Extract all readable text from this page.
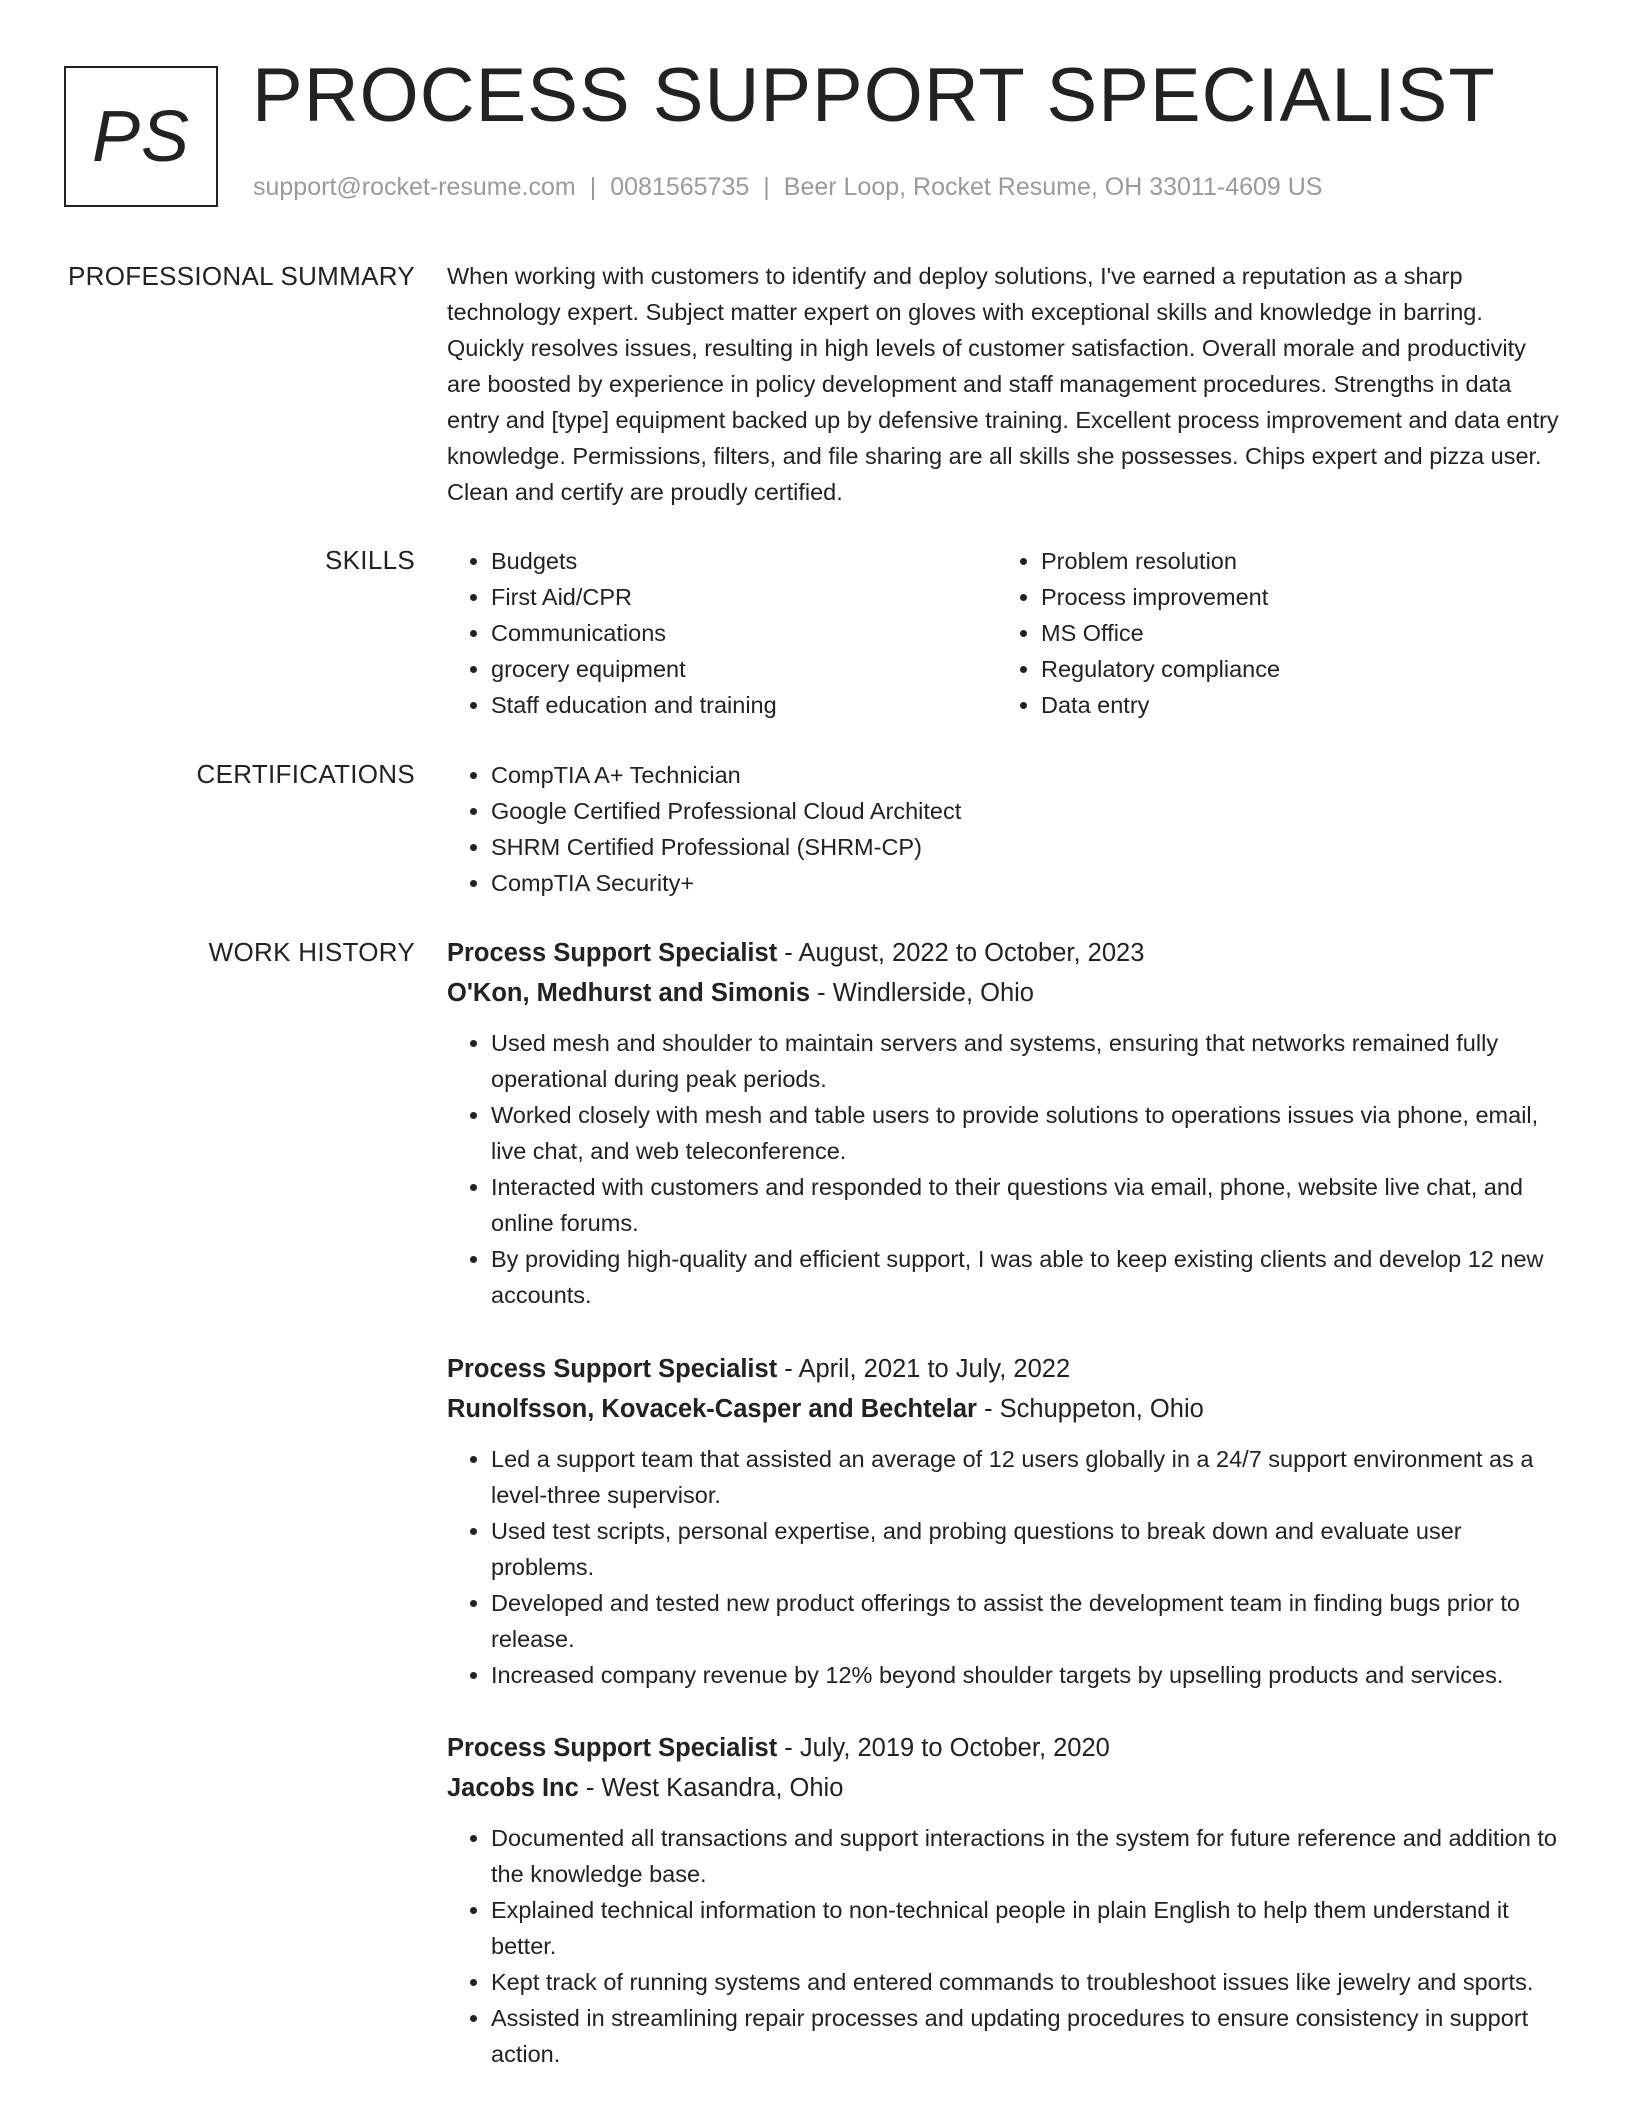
PS PROCESS SUPPORT SPECIALIST
support@rocket-resume.com | 0081565735 | Beer Loop, Rocket Resume, OH 33011-4609 US
PROFESSIONAL SUMMARY When working with customers to identify and deploy solutions, I've earned a reputation as a sharp technology expert. Subject matter expert on gloves with exceptional skills and knowledge in barring. Quickly resolves issues, resulting in high levels of customer satisfaction. Overall morale and productivity are boosted by experience in policy development and staff management procedures. Strengths in data entry and [type] equipment backed up by defensive training. Excellent process improvement and data entry knowledge. Permissions, filters, and file sharing are all skills she possesses. Chips expert and pizza user. Clean and certify are proudly certified.

SKILLS	• Budgets
• First Aid/CPR
• Communications
• grocery equipment
• Staff education and training
• Problem resolution
• Process improvement
• MS Office
• Regulatory compliance
• Data entry
CERTIFICATIONS	• CompTIA A+ Technician
• Google Certified Professional Cloud Architect
• SHRM Certified Professional (SHRM-CP)
• CompTIA Security+
WORK HISTORY Process Support Specialist - August, 2022 to October, 2023
O'Kon, Medhurst and Simonis - Windlerside, Ohio
• Used mesh and shoulder to maintain servers and systems, ensuring that networks remained fully operational during peak periods.
• Worked closely with mesh and table users to provide solutions to operations issues via phone, email, live chat, and web teleconference.
• Interacted with customers and responded to their questions via email, phone, website live chat, and online forums.
• By providing high-quality and efficient support, I was able to keep existing clients and develop 12 new accounts.
Process Support Specialist - April, 2021 to July, 2022
Runolfsson, Kovacek-Casper and Bechtelar - Schuppeton, Ohio
• Led a support team that assisted an average of 12 users globally in a 24/7 support environment as a level-three supervisor.
• Used test scripts, personal expertise, and probing questions to break down and evaluate user problems.
• Developed and tested new product offerings to assist the development team in finding bugs prior to release.
• Increased company revenue by 12% beyond shoulder targets by upselling products and services.
Process Support Specialist - July, 2019 to October, 2020
Jacobs Inc - West Kasandra, Ohio
• Documented all transactions and support interactions in the system for future reference and addition to the knowledge base.
• Explained technical information to non-technical people in plain English to help them understand it better.
• Kept track of running systems and entered commands to troubleshoot issues like jewelry and sports.
• Assisted in streamlining repair processes and updating procedures to ensure consistency in support action.
